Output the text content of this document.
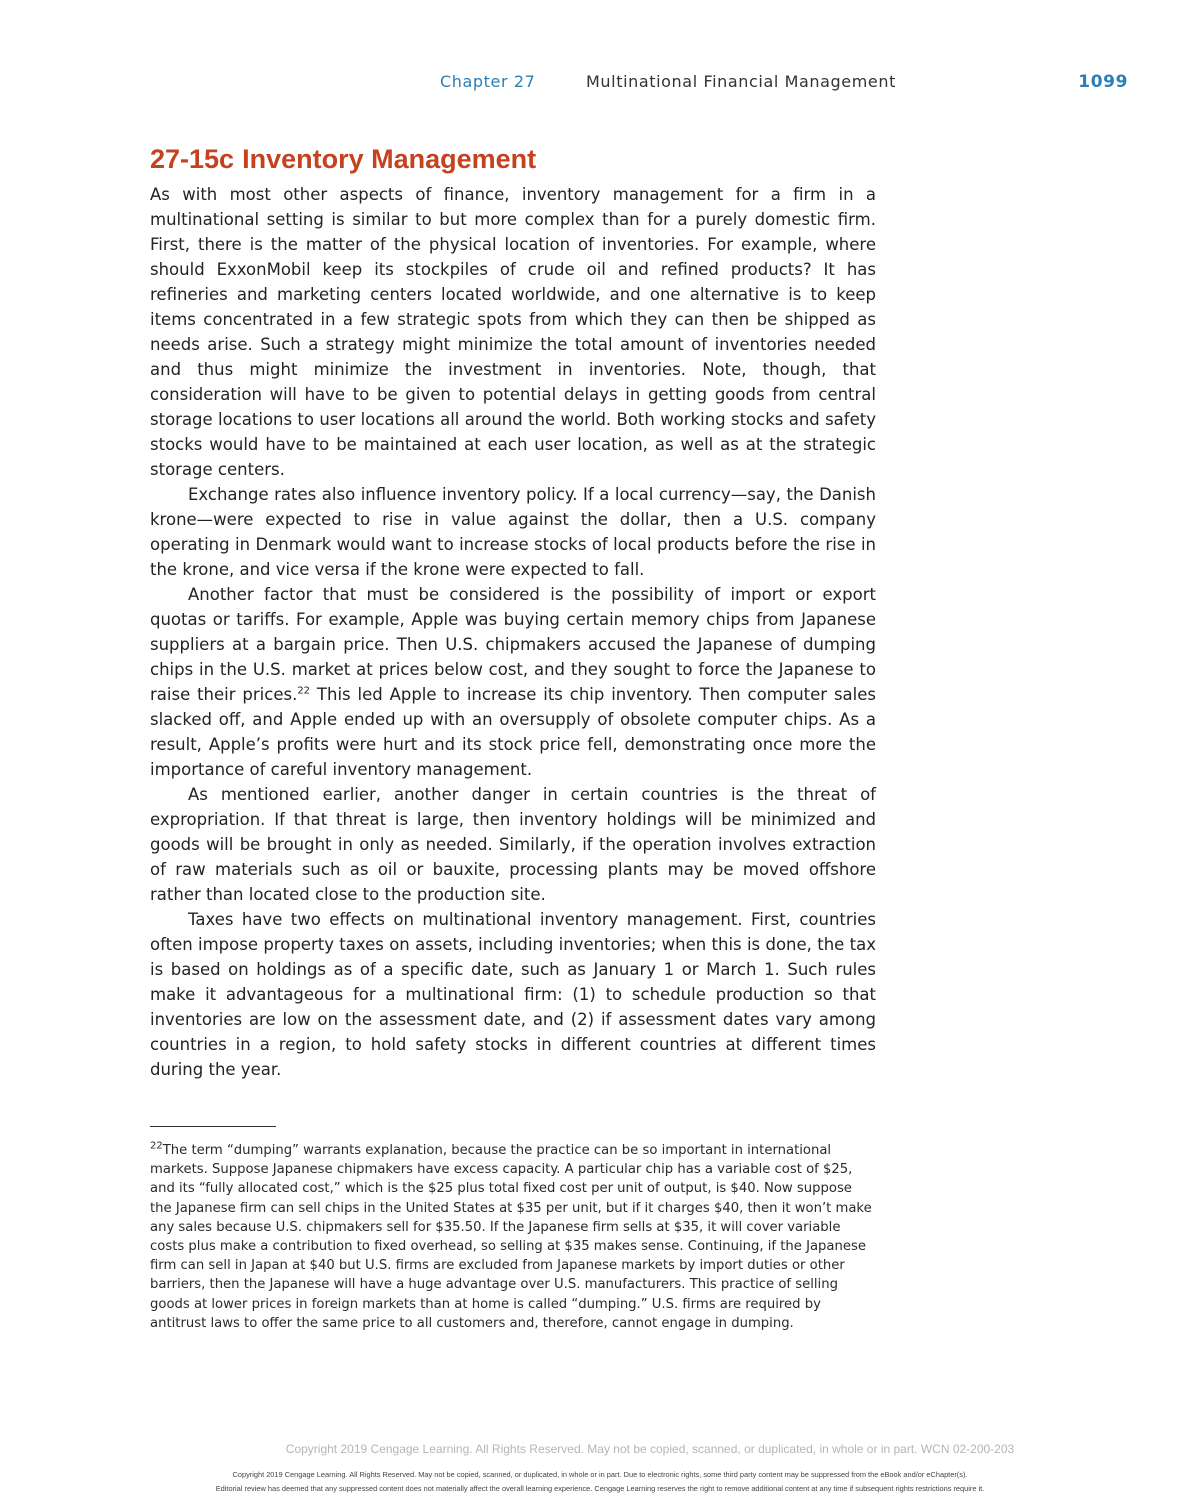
Chapter 27	Multinational Financial Management	1099
27-15c Inventory Management

As with most other aspects of finance, inventory management for a firm in a multinational setting is similar to but more complex than for a purely domestic firm. First, there is the matter of the physical location of inventories. For example, where should ExxonMobil keep its stockpiles of crude oil and refined products? It has refineries and marketing centers located worldwide, and one alternative is to keep items concentrated in a few strategic spots from which they can then be shipped as needs arise. Such a strategy might minimize the total amount of inventories needed and thus might minimize the investment in inventories. Note, though, that consideration will have to be given to potential delays in getting goods from central storage locations to user locations all around the world. Both working stocks and safety stocks would have to be maintained at each user location, as well as at the strategic storage centers.

Exchange rates also influence inventory policy. If a local currency—say, the Danish krone—were expected to rise in value against the dollar, then a U.S. company operating in Denmark would want to increase stocks of local products before the rise in the krone, and vice versa if the krone were expected to fall.

Another factor that must be considered is the possibility of import or export quotas or tariffs. For example, Apple was buying certain memory chips from Japanese suppliers at a bargain price. Then U.S. chipmakers accused the Japanese of dumping chips in the U.S. market at prices below cost, and they sought to force the Japanese to raise their prices.$^{22}$ This led Apple to increase its chip inventory. Then computer sales slacked off, and Apple ended up with an oversupply of obsolete computer chips. As a result, Apple’s profits were hurt and its stock price fell, demonstrating once more the importance of careful inventory management.

As mentioned earlier, another danger in certain countries is the threat of expropriation. If that threat is large, then inventory holdings will be minimized and goods will be brought in only as needed. Similarly, if the operation involves extraction of raw materials such as oil or bauxite, processing plants may be moved offshore rather than located close to the production site.

Taxes have two effects on multinational inventory management. First, countries often impose property taxes on assets, including inventories; when this is done, the tax is based on holdings as of a specific date, such as January 1 or March 1. Such rules make it advantageous for a multinational firm: (1) to schedule production so that inventories are low on the assessment date, and (2) if assessment dates vary among countries in a region, to hold safety stocks in different countries at different times during the year.

$^{22}$The term “dumping” warrants explanation, because the practice can be so important in international markets. Suppose Japanese chipmakers have excess capacity. A particular chip has a variable cost of $25, and its “fully allocated cost,” which is the $25 plus total fixed cost per unit of output, is $40. Now suppose the Japanese firm can sell chips in the United States at $35 per unit, but if it charges $40, then it won’t make any sales because U.S. chipmakers sell for $35.50. If the Japanese firm sells at $35, it will cover variable costs plus make a contribution to fixed overhead, so selling at $35 makes sense. Continuing, if the Japanese firm can sell in Japan at $40 but U.S. firms are excluded from Japanese markets by import duties or other barriers, then the Japanese will have a huge advantage over U.S. manufacturers. This practice of selling goods at lower prices in foreign markets than at home is called “dumping.” U.S. firms are required by antitrust laws to offer the same price to all customers and, therefore, cannot engage in dumping.

Copyright 2019 Cengage Learning. All Rights Reserved. May not be copied, scanned, or duplicated, in whole or in part. WCN 02-200-203
Copyright 2019 Cengage Learning. All Rights Reserved. May not be copied, scanned, or duplicated, in whole or in part. Due to electronic rights, some third party content may be suppressed from the eBook and/or eChapter(s).
Editorial review has deemed that any suppressed content does not materially affect the overall learning experience. Cengage Learning reserves the right to remove additional content at any time if subsequent rights restrictions require it.
